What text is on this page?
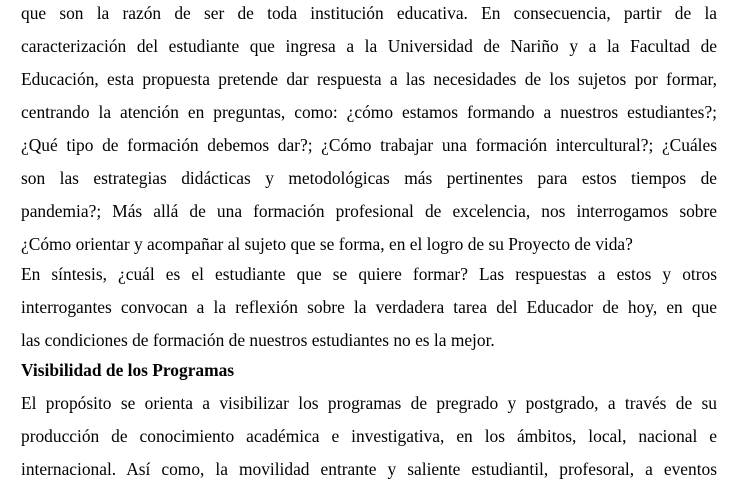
que son la razón de ser de toda institución educativa. En consecuencia, partir de la
caracterización del estudiante que ingresa a la Universidad de Nariño y a la Facultad de
Educación, esta propuesta pretende dar respuesta a las necesidades de los sujetos por formar,
centrando la atención en preguntas, como: ¿cómo estamos formando a nuestros estudiantes?;
¿Qué tipo de formación debemos dar?; ¿Cómo trabajar una formación intercultural?; ¿Cuáles
son las estrategias didácticas y metodológicas más pertinentes para estos tiempos de
pandemia?; Más allá de una formación profesional de excelencia, nos interrogamos sobre
¿Cómo orientar y acompañar al sujeto que se forma, en el logro de su Proyecto de vida?
En síntesis, ¿cuál es el estudiante que se quiere formar? Las respuestas a estos y otros
interrogantes convocan a la reflexión sobre la verdadera tarea del Educador de hoy, en que
las condiciones de formación de nuestros estudiantes no es la mejor.
Visibilidad de los Programas
El propósito se orienta a visibilizar los programas de pregrado y postgrado, a través de su
producción de conocimiento académica e investigativa, en los ámbitos, local, nacional e
internacional. Así como, la movilidad entrante y saliente estudiantil, profesoral, a eventos
